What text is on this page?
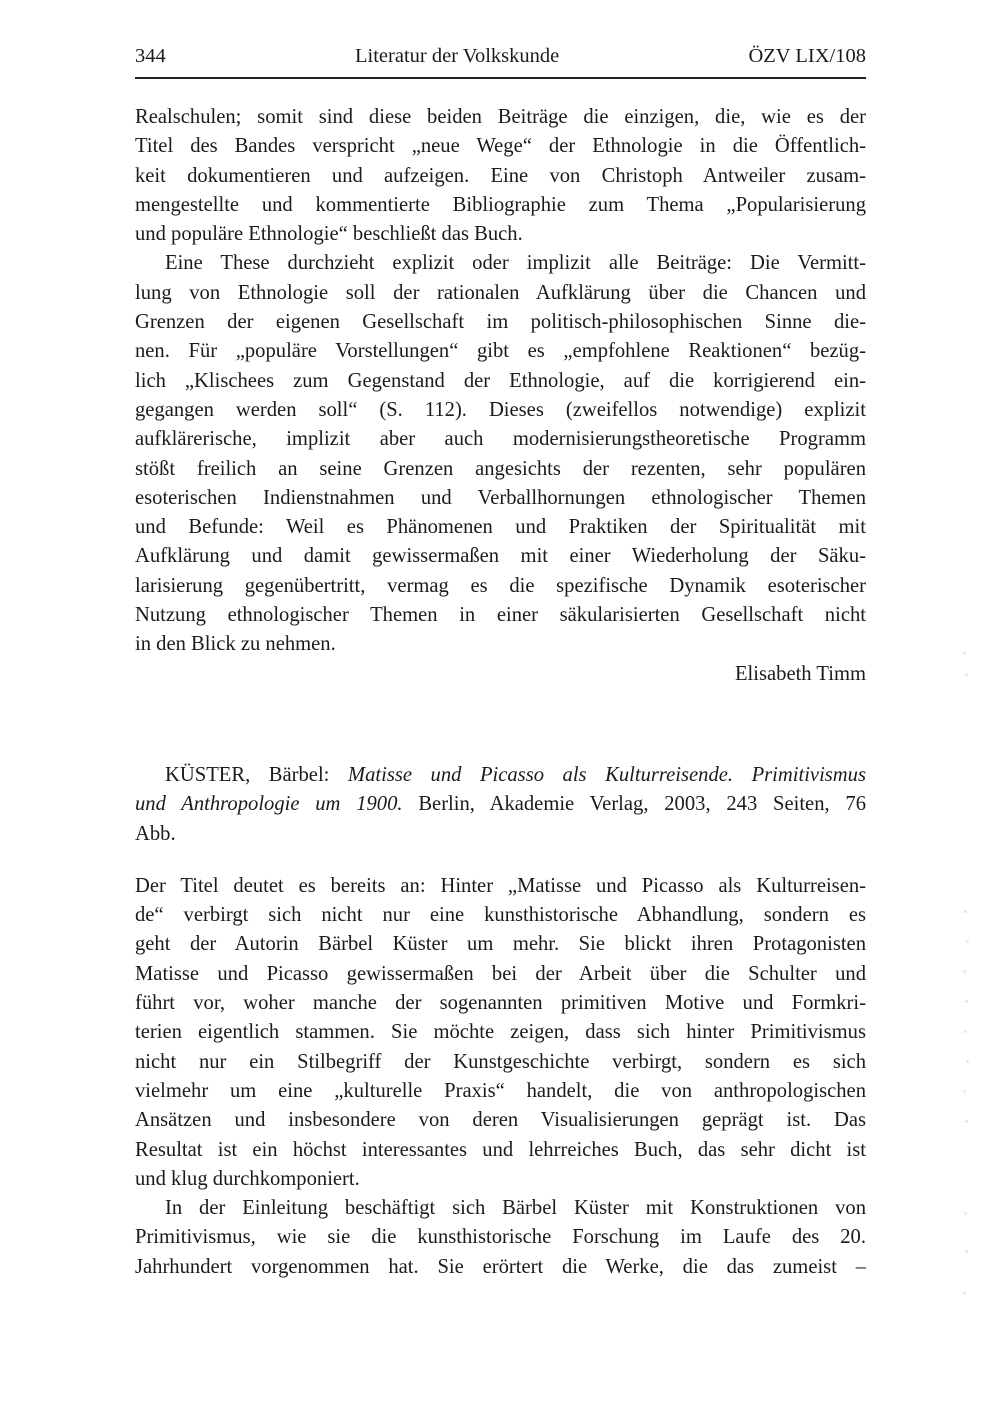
344	Literatur der Volkskunde	ÖZV LIX/108
Realschulen; somit sind diese beiden Beiträge die einzigen, die, wie es der
Titel des Bandes verspricht „neue Wege“ der Ethnologie in die Öffentlich-
keit dokumentieren und aufzeigen. Eine von Christoph Antweiler zusam-
mengestellte und kommentierte Bibliographie zum Thema „Popularisierung
und populäre Ethnologie“ beschließt das Buch.
Eine These durchzieht explizit oder implizit alle Beiträge: Die Vermitt-
lung von Ethnologie soll der rationalen Aufklärung über die Chancen und
Grenzen der eigenen Gesellschaft im politisch-philosophischen Sinne die-
nen. Für „populäre Vorstellungen“ gibt es „empfohlene Reaktionen“ bezüg-
lich „Klischees zum Gegenstand der Ethnologie, auf die korrigierend ein-
gegangen werden soll“ (S. 112). Dieses (zweifellos notwendige) explizit
aufklärerische, implizit aber auch modernisierungstheoretische Programm
stößt freilich an seine Grenzen angesichts der rezenten, sehr populären
esoterischen Indienstnahmen und Verballhornungen ethnologischer Themen
und Befunde: Weil es Phänomenen und Praktiken der Spiritualität mit
Aufklärung und damit gewissermaßen mit einer Wiederholung der Säku-
larisierung gegenübertritt, vermag es die spezifische Dynamik esoterischer
Nutzung ethnologischer Themen in einer säkularisierten Gesellschaft nicht
in den Blick zu nehmen.
Elisabeth Timm
KÜSTER, Bärbel: Matisse und Picasso als Kulturreisende. Primitivismus
und Anthropologie um 1900. Berlin, Akademie Verlag, 2003, 243 Seiten, 76
Abb.
Der Titel deutet es bereits an: Hinter „Matisse und Picasso als Kulturreisen-
de“ verbirgt sich nicht nur eine kunsthistorische Abhandlung, sondern es
geht der Autorin Bärbel Küster um mehr. Sie blickt ihren Protagonisten
Matisse und Picasso gewissermaßen bei der Arbeit über die Schulter und
führt vor, woher manche der sogenannten primitiven Motive und Formkri-
terien eigentlich stammen. Sie möchte zeigen, dass sich hinter Primitivismus
nicht nur ein Stilbegriff der Kunstgeschichte verbirgt, sondern es sich
vielmehr um eine „kulturelle Praxis“ handelt, die von anthropologischen
Ansätzen und insbesondere von deren Visualisierungen geprägt ist. Das
Resultat ist ein höchst interessantes und lehrreiches Buch, das sehr dicht ist
und klug durchkomponiert.
In der Einleitung beschäftigt sich Bärbel Küster mit Konstruktionen von
Primitivismus, wie sie die kunsthistorische Forschung im Laufe des 20.
Jahrhundert vorgenommen hat. Sie erörtert die Werke, die das zumeist –
